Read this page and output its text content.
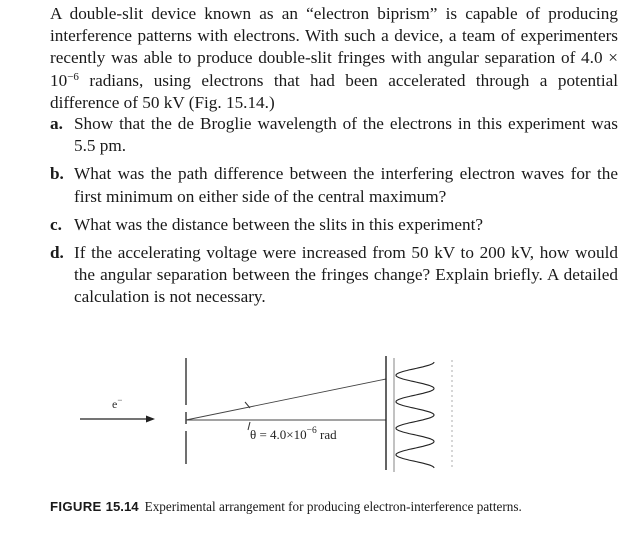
A double-slit device known as an “electron biprism” is capable of producing interference patterns with electrons. With such a device, a team of experimenters recently was able to produce double-slit fringes with angular separation of $4.0 \times 10^{-6}$ radians, using electrons that had been accelerated through a potential difference of 50 kV (Fig. 15.14.)

a. Show that the de Broglie wavelength of the electrons in this experiment was 5.5 pm.
b. What was the path difference between the interfering electron waves for the first minimum on either side of the central maximum?
c. What was the distance between the slits in this experiment?
d. If the accelerating voltage were increased from 50 kV to 200 kV, how would the angular separation between the fringes change? Explain briefly. A detailed calculation is not necessary.
e−
$\theta = 4.0\times 10^{-6}$ rad

FIGURE 15.14 Experimental arrangement for producing electron-interference patterns.
